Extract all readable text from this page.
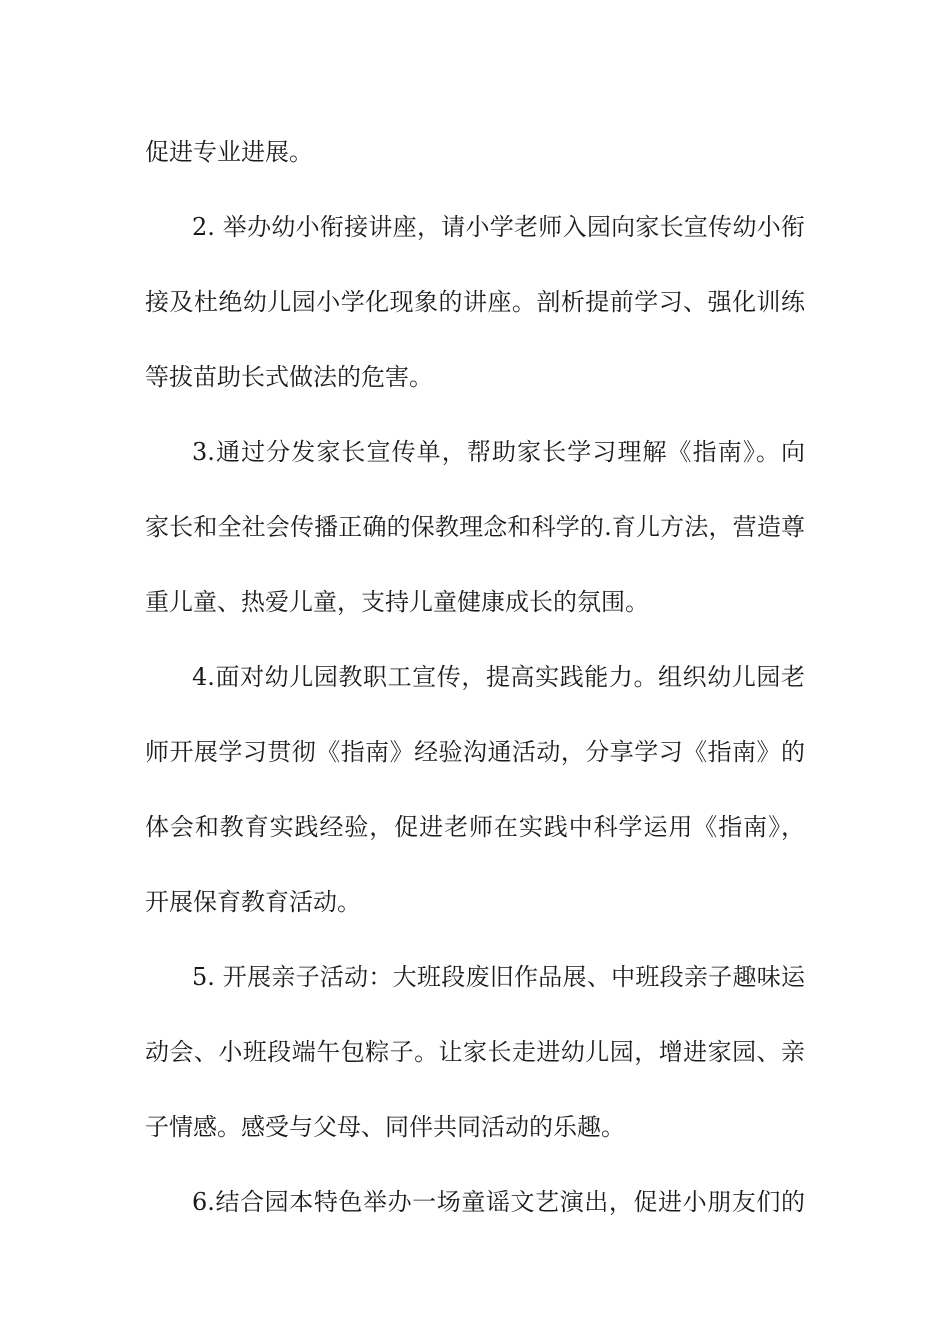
促进专业进展。
2. 举办幼小衔接讲座，请小学老师入园向家长宣传幼小衔
接及杜绝幼儿园小学化现象的讲座。剖析提前学习、强化训练
等拔苗助长式做法的危害。
3.通过分发家长宣传单，帮助家长学习理解《指南》。向
家长和全社会传播正确的保教理念和科学的.育儿方法，营造尊
重儿童、热爱儿童，支持儿童健康成长的氛围。
4.面对幼儿园教职工宣传，提高实践能力。组织幼儿园老
师开展学习贯彻《指南》经验沟通活动，分享学习《指南》的
体会和教育实践经验，促进老师在实践中科学运用《指南》，
开展保育教育活动。
5. 开展亲子活动：大班段废旧作品展、中班段亲子趣味运
动会、小班段端午包粽子。让家长走进幼儿园，增进家园、亲
子情感。感受与父母、同伴共同活动的乐趣。
6.结合园本特色举办一场童谣文艺演出，促进小朋友们的
